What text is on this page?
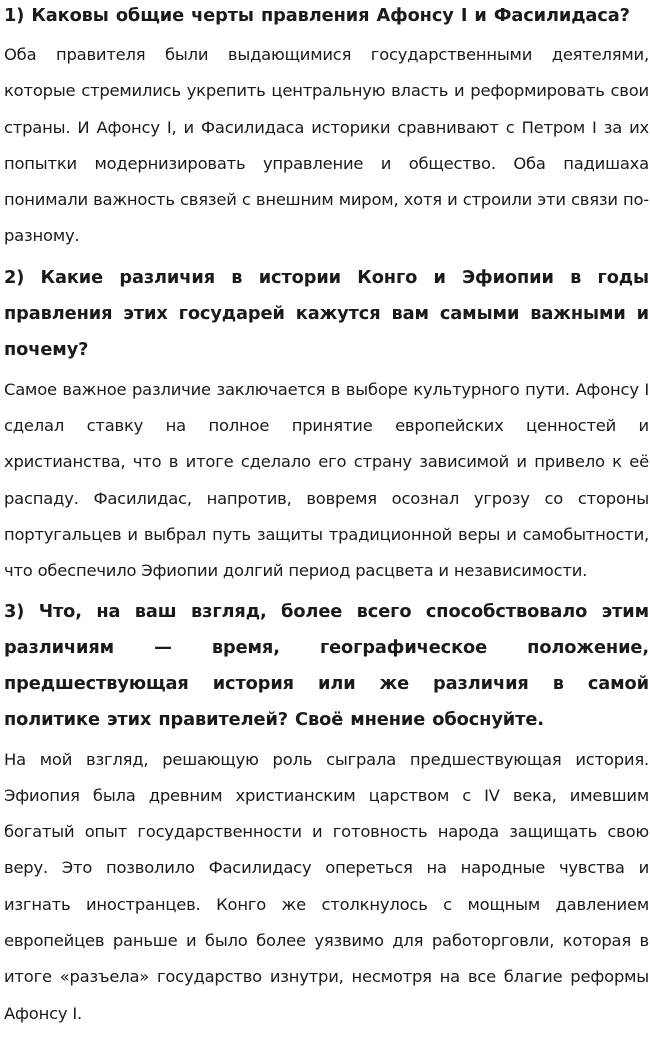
1) Каковы общие черты правления Афонсу I и Фасилидаса?

Оба правителя были выдающимися государственными деятелями, которые стремились укрепить центральную власть и реформировать свои страны. И Афонсу I, и Фасилидаса историки сравнивают с Петром I за их попытки модернизировать управление и общество. Оба падишаха понимали важность связей с внешним миром, хотя и строили эти связи по-разному.

2) Какие различия в истории Конго и Эфиопии в годы правления этих государей кажутся вам самыми важными и почему?

Самое важное различие заключается в выборе культурного пути. Афонсу I сделал ставку на полное принятие европейских ценностей и христианства, что в итоге сделало его страну зависимой и привело к её распаду. Фасилидас, напротив, вовремя осознал угрозу со стороны португальцев и выбрал путь защиты традиционной веры и самобытности, что обеспечило Эфиопии долгий период расцвета и независимости.

3) Что, на ваш взгляд, более всего способствовало этим различиям — время, географическое положение, предшествующая история или же различия в самой политике этих правителей? Своё мнение обоснуйте.

На мой взгляд, решающую роль сыграла предшествующая история. Эфиопия была древним христианским царством с IV века, имевшим богатый опыт государственности и готовность народа защищать свою веру. Это позволило Фасилидасу опереться на народные чувства и изгнать иностранцев. Конго же столкнулось с мощным давлением европейцев раньше и было более уязвимо для работорговли, которая в итоге «разъела» государство изнутри, несмотря на все благие реформы Афонсу I.
